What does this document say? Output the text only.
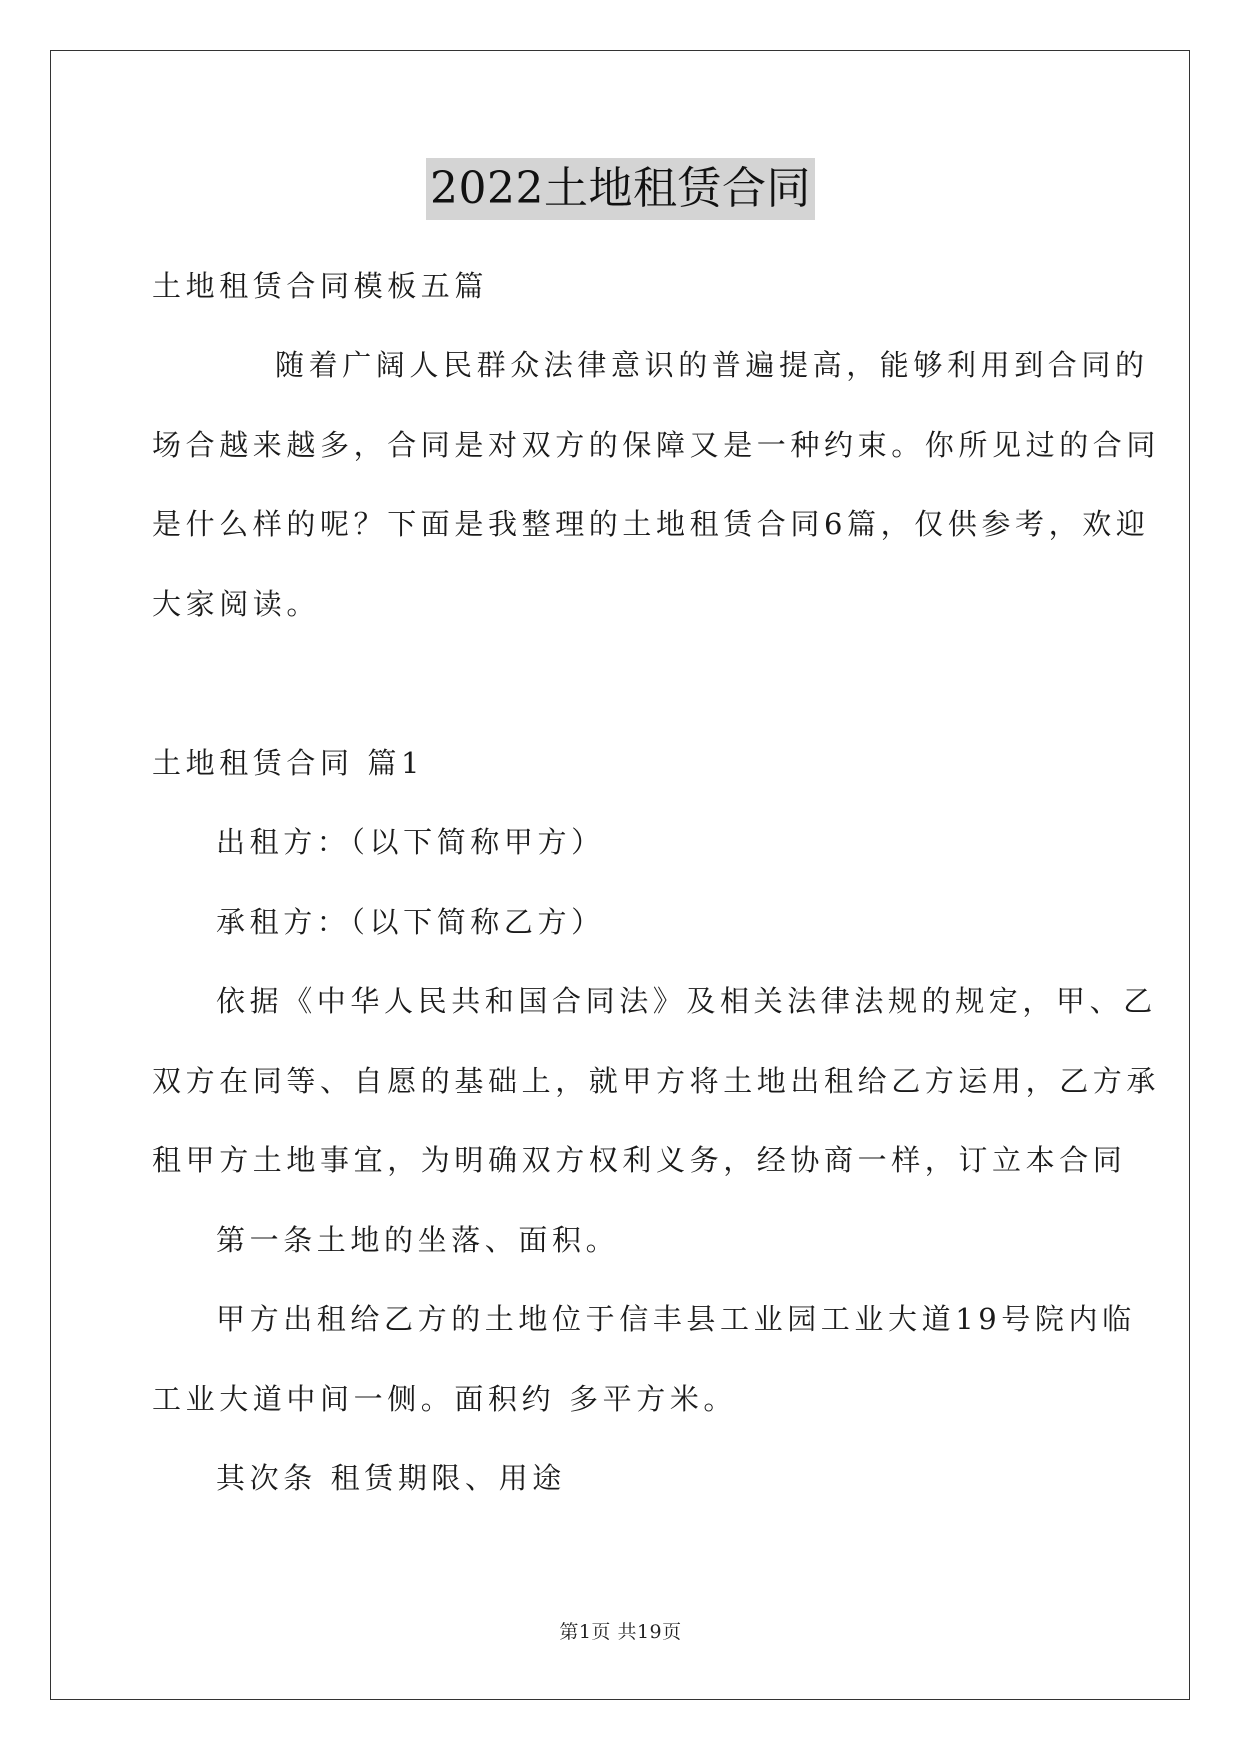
2022土地租赁合同
土地租赁合同模板五篇
随着广阔人民群众法律意识的普遍提高，能够利用到合同的
场合越来越多，合同是对双方的保障又是一种约束。你所见过的合同
是什么样的呢？下面是我整理的土地租赁合同6篇，仅供参考，欢迎
大家阅读。
土地租赁合同 篇1
出租方：（以下简称甲方）
承租方：（以下简称乙方）
依据《中华人民共和国合同法》及相关法律法规的规定，甲、乙
双方在同等、自愿的基础上，就甲方将土地出租给乙方运用，乙方承
租甲方土地事宜，为明确双方权利义务，经协商一样，订立本合同
第一条土地的坐落、面积。
甲方出租给乙方的土地位于信丰县工业园工业大道19号院内临
工业大道中间一侧。面积约 多平方米。
其次条 租赁期限、用途
第1页 共19页
